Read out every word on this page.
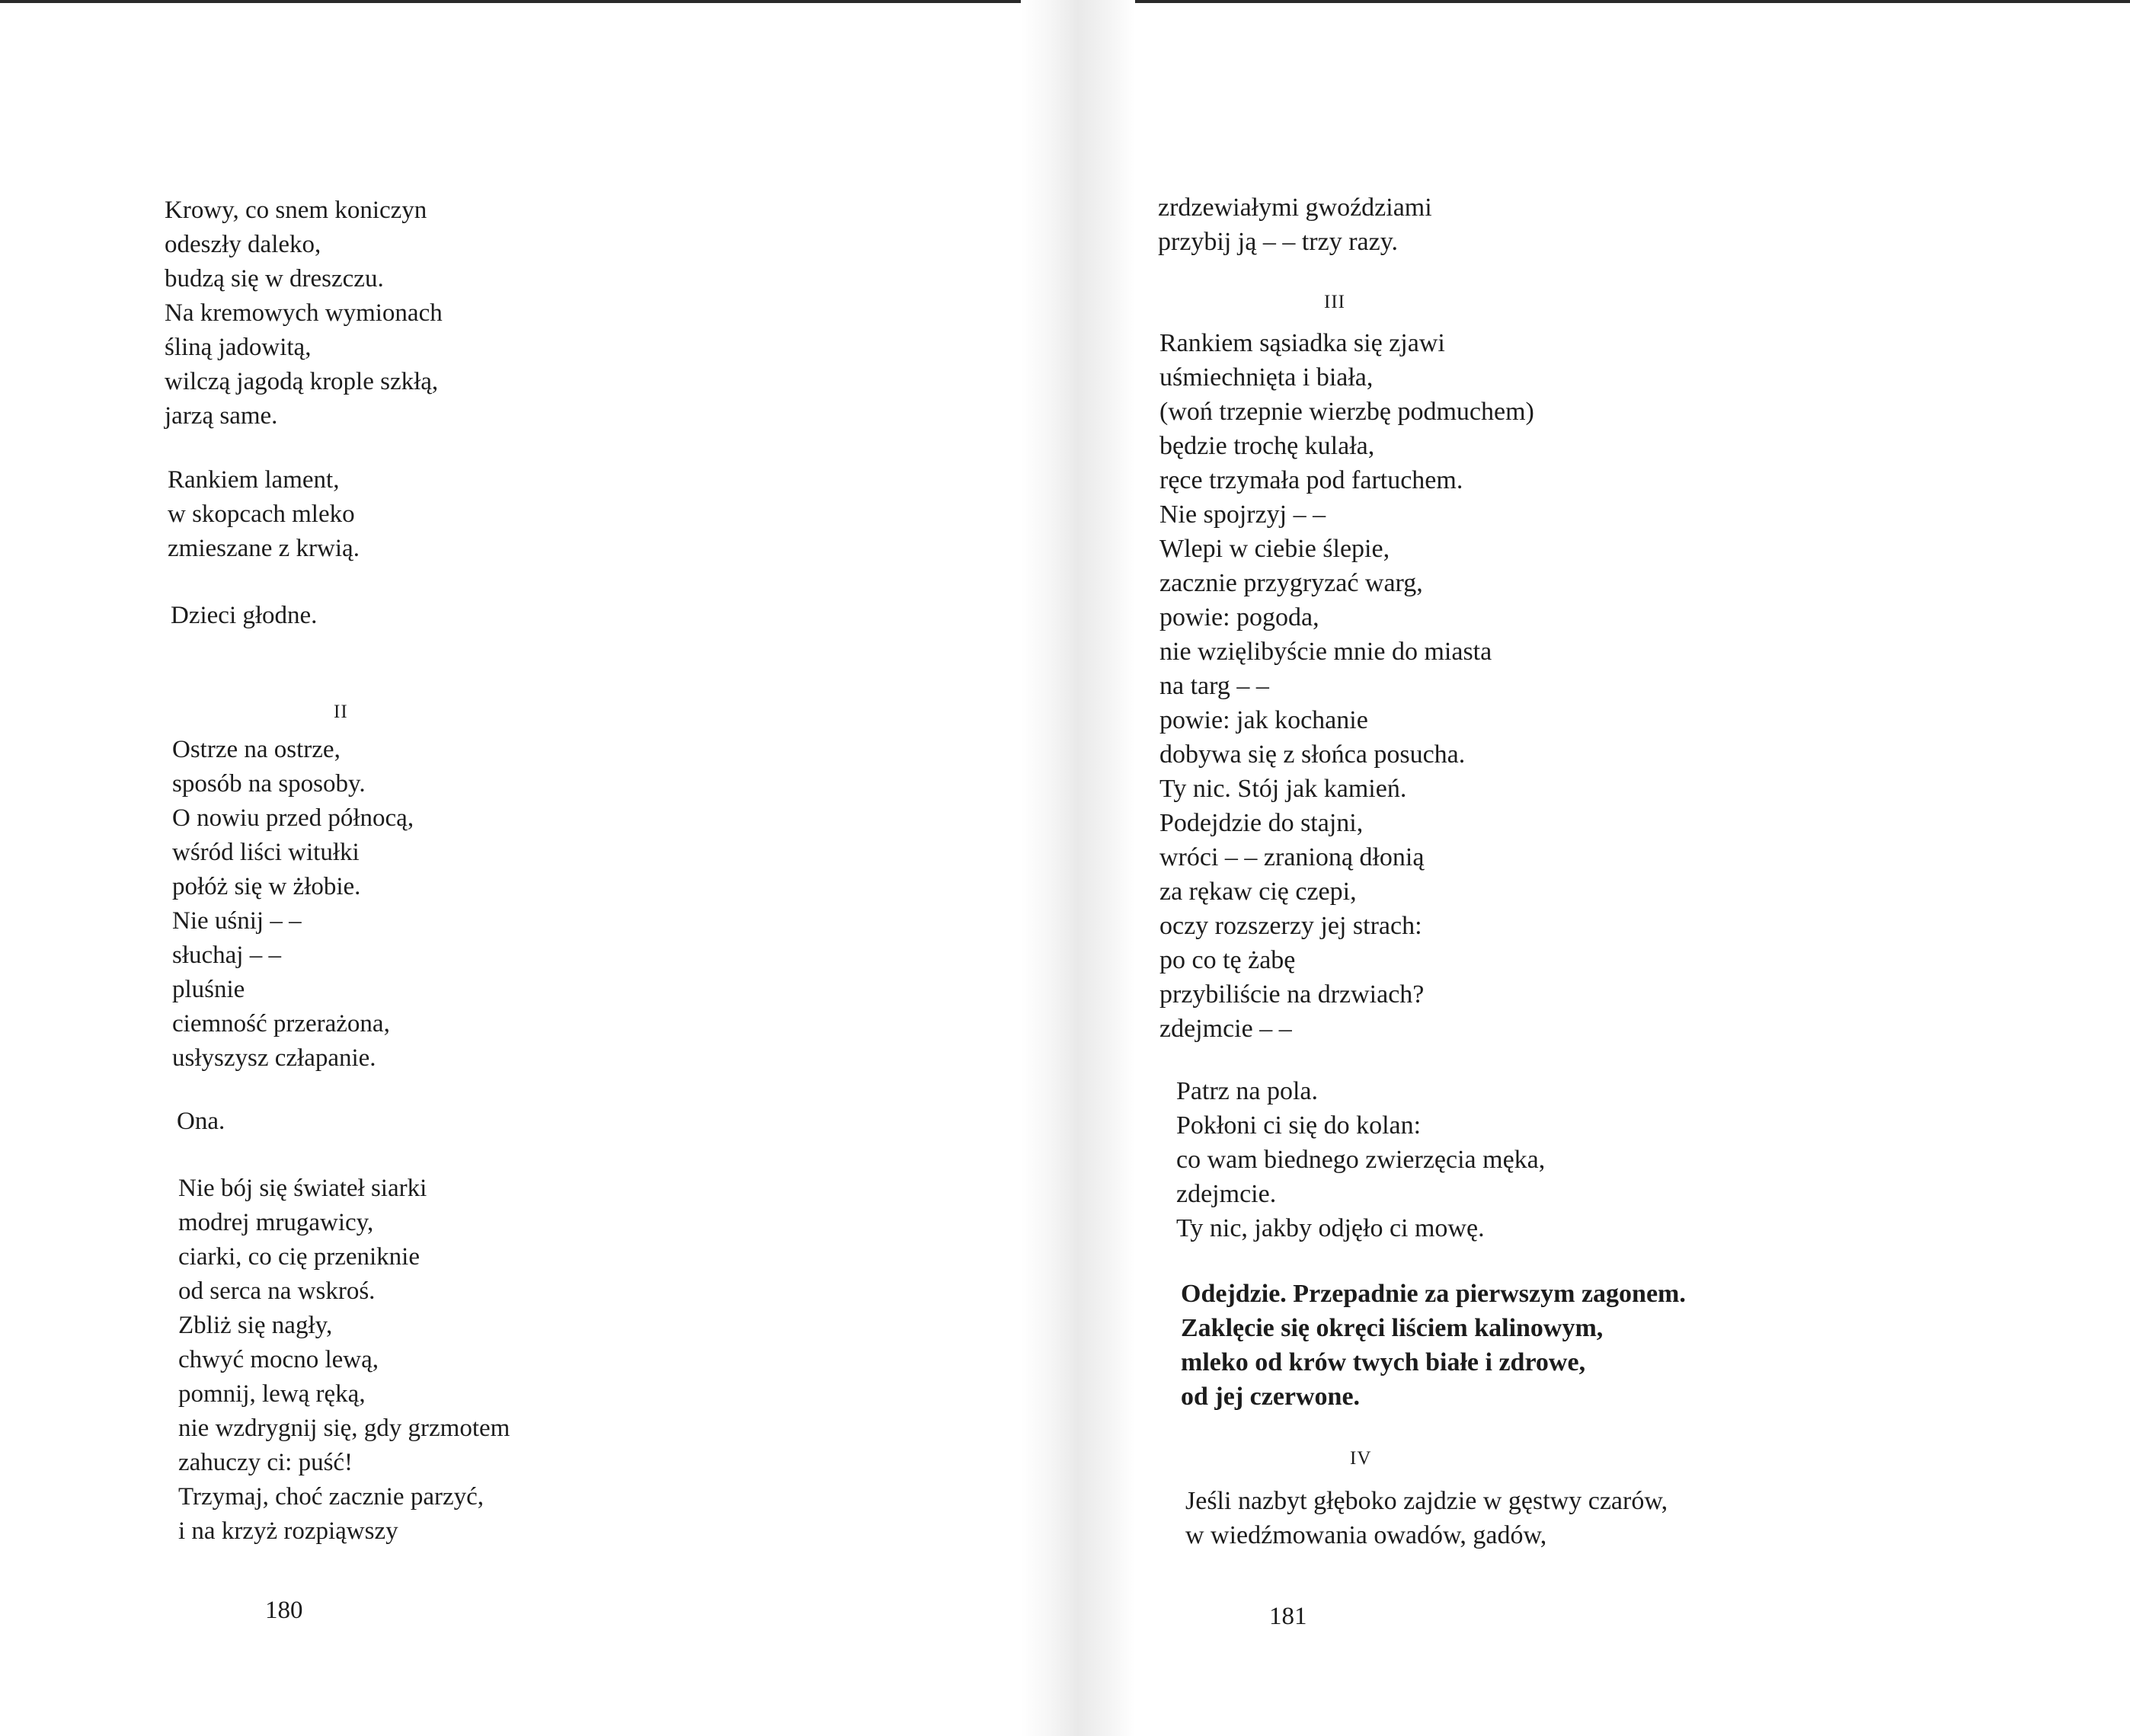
Krowy, co snem koniczyn
odeszły daleko,
budzą się w dreszczu.
Na kremowych wymionach
śliną jadowitą,
wilczą jagodą krople szkłą,
jarzą same.
Rankiem lament,
w skopcach mleko
zmieszane z krwią.
Dzieci głodne.
II
Ostrze na ostrze,
sposób na sposoby.
O nowiu przed północą,
wśród liści witułki
połóż się w żłobie.
Nie uśnij – –
słuchaj – –
pluśnie
ciemność przerażona,
usłyszysz człapanie.
Ona.
Nie bój się świateł siarki
modrej mrugawicy,
ciarki, co cię przeniknie
od serca na wskroś.
Zbliż się nagły,
chwyć mocno lewą,
pomnij, lewą ręką,
nie wzdrygnij się, gdy grzmotem
zahuczy ci: puść!
Trzymaj, choć zacznie parzyć,
i na krzyż rozpiąwszy
180
zrdzewiałymi gwoździami
przybij ją – – trzy razy.
III
Rankiem sąsiadka się zjawi
uśmiechnięta i biała,
(woń trzepnie wierzbę podmuchem)
będzie trochę kulała,
ręce trzymała pod fartuchem.
Nie spojrzyj – –
Wlepi w ciebie ślepie,
zacznie przygryzać warg,
powie: pogoda,
nie wzięlibyście mnie do miasta
na targ – –
powie: jak kochanie
dobywa się z słońca posucha.
Ty nic. Stój jak kamień.
Podejdzie do stajni,
wróci – – zranioną dłonią
za rękaw cię czepi,
oczy rozszerzy jej strach:
po co tę żabę
przybiliście na drzwiach?
zdejmcie – –
Patrz na pola.
Pokłoni ci się do kolan:
co wam biednego zwierzęcia męka,
zdejmcie.
Ty nic, jakby odjęło ci mowę.
Odejdzie. Przepadnie za pierwszym zagonem.
Zaklęcie się okręci liściem kalinowym,
mleko od krów twych białe i zdrowe,
od jej czerwone.
IV
Jeśli nazbyt głęboko zajdzie w gęstwy czarów,
w wiedźmowania owadów, gadów,
181
